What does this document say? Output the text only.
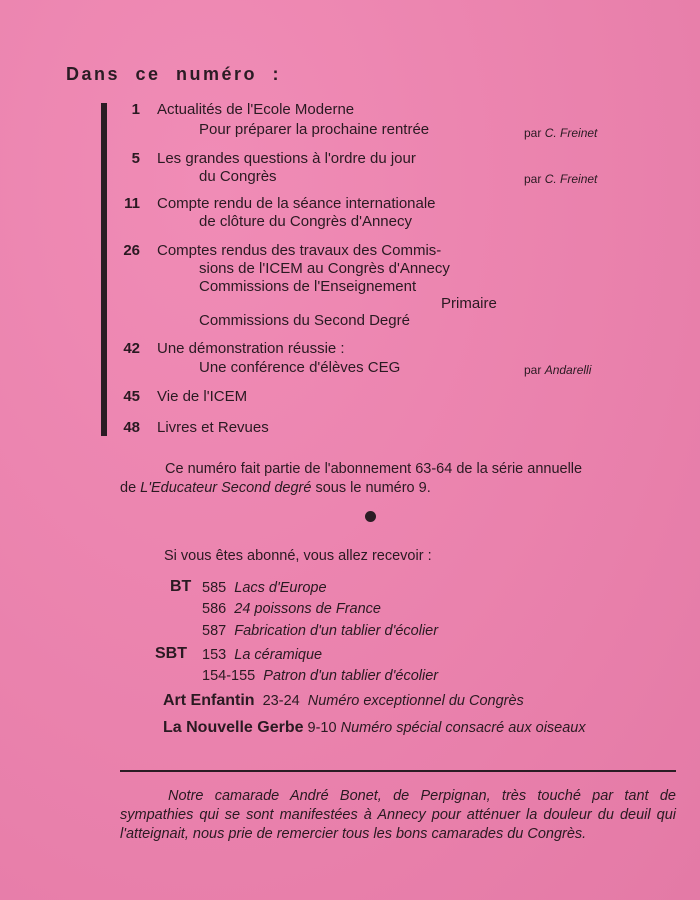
Dans ce numéro :
1 Actualités de l'Ecole Moderne
Pour préparer la prochaine rentrée	par C. Freinet
5 Les grandes questions à l'ordre du jour
du Congrès	par C. Freinet
11 Compte rendu de la séance internationale
de clôture du Congrès d'Annecy
26 Comptes rendus des travaux des Commis-
sions de l'ICEM au Congrès d'Annecy
Commissions de l'Enseignement
Primaire
Commissions du Second Degré
42 Une démonstration réussie :
Une conférence d'élèves CEG	par Andarelli
45 Vie de l'ICEM
48 Livres et Revues
Ce numéro fait partie de l'abonnement 63-64 de la série annuelle
de L'Educateur Second degré sous le numéro 9.
Si vous êtes abonné, vous allez recevoir :
BT 585 Lacs d'Europe
586 24 poissons de France
587 Fabrication d'un tablier d'écolier
SBT 153 La céramique
154-155 Patron d'un tablier d'écolier
Art Enfantin 23-24 Numéro exceptionnel du Congrès
La Nouvelle Gerbe 9-10 Numéro spécial consacré aux oiseaux

Notre camarade André Bonet, de Perpignan, très touché par tant de sympathies qui se sont manifestées à Annecy pour atténuer la douleur du deuil qui l'atteignait, nous prie de remercier tous les bons camarades du Congrès.
